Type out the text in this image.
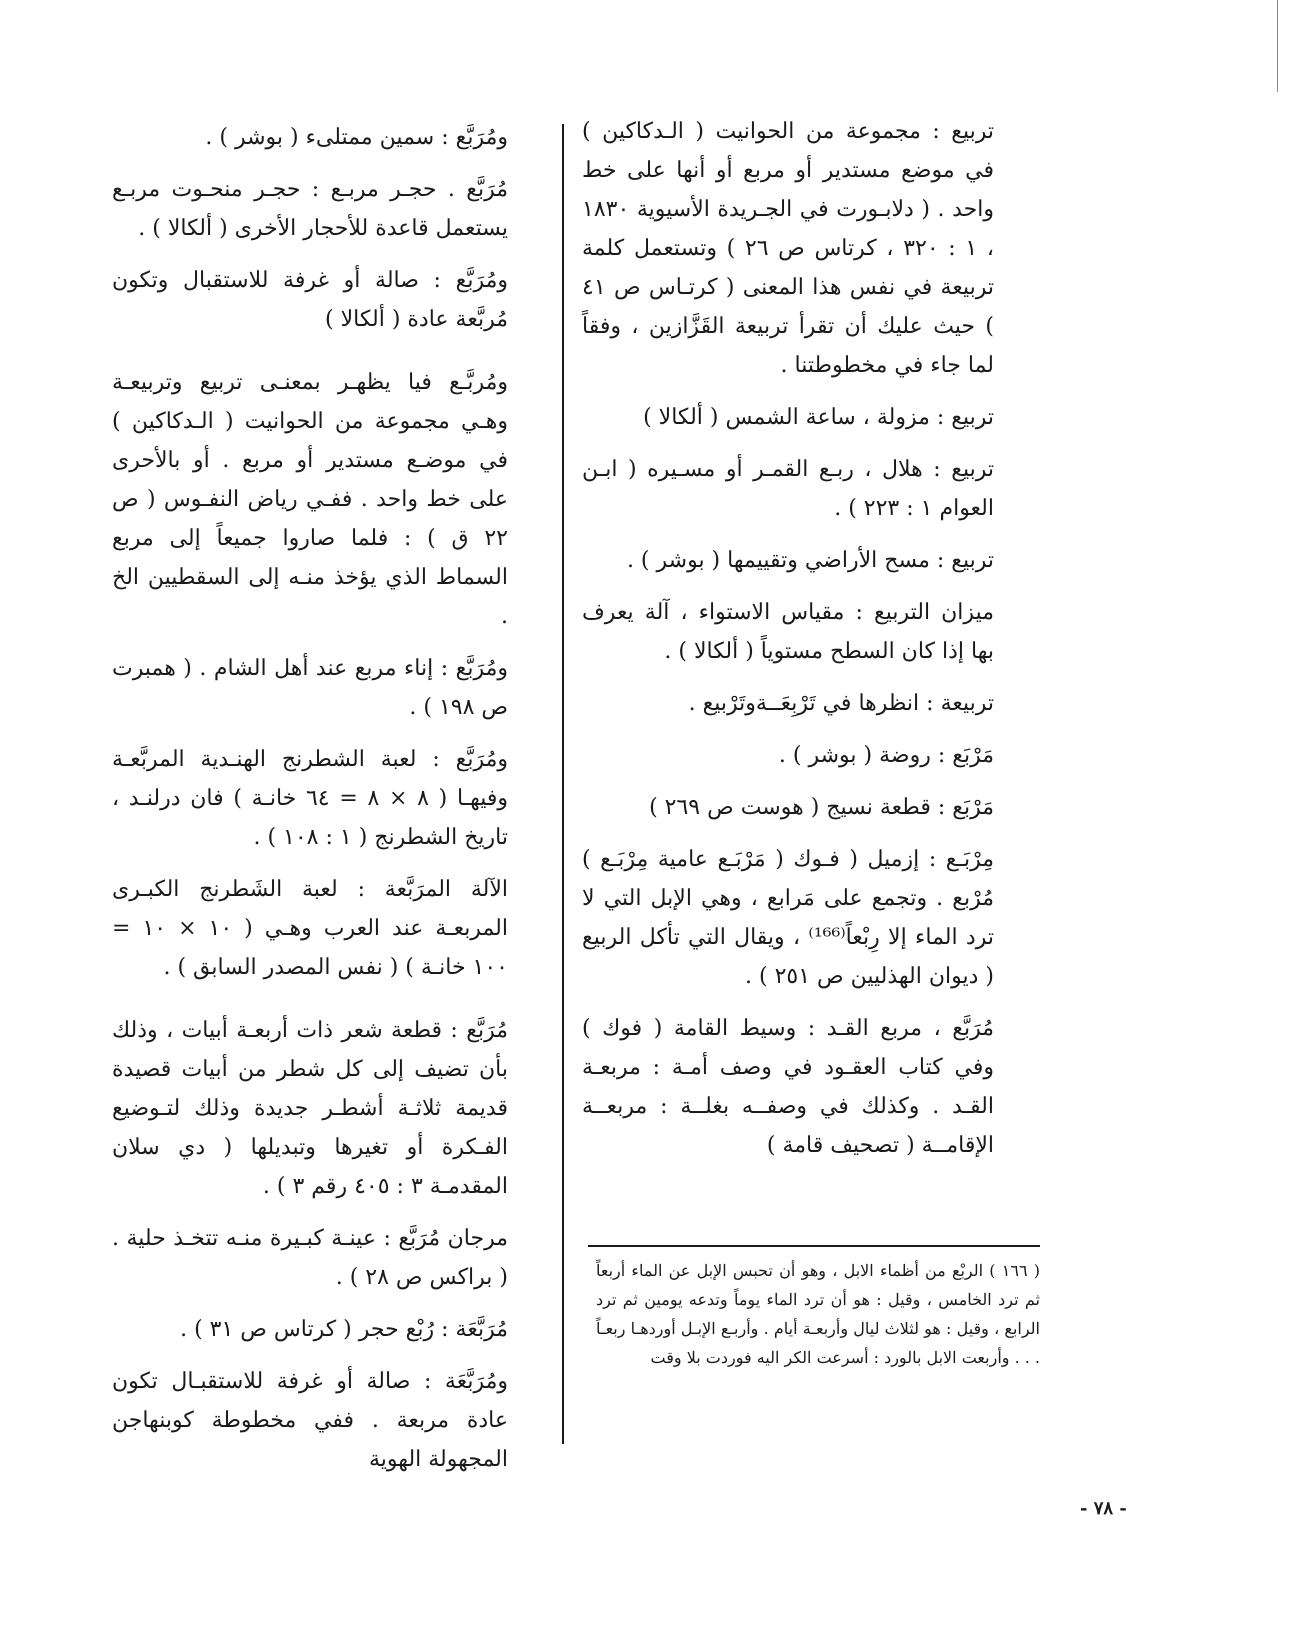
تربيع : مجموعة من الحوانيت ( الـدكاكين ) في موضع مستدير أو مربع أو أنها على خط واحد . ( دلابـورت في الجـريدة الأسيوية ١٨٣٠ ، ١ : ٣٢٠ ، كرتاس ص ٢٦ ) وتستعمل كلمة تربيعة في نفس هذا المعنى ( كرتـاس ص ٤١ ) حيث عليك أن تقرأ تربيعة القَزَّازين ، وفقاً لما جاء في مخطوطتنا .

تربيع : مزولة ، ساعة الشمس ( ألكالا )

تربيع : هلال ، ربـع القمـر أو مسـيره ( ابـن العوام ١ : ٢٢٣ ) .

تربيع : مسح الأراضي وتقييمها ( بوشر ) .

ميزان التربيع : مقياس الاستواء ، آلة يعرف بها إذا كان السطح مستوياً ( ألكالا ) .

تربيعة : انظرها في تَرْبِعَــةوتَرْبيع .

مَرْبَع : روضة ( بوشر ) .

مَرْبَع : قطعة نسيج ( هوست ص ٢٦٩ )

مِرْبَـع : إزميل ( فـوك ( مَرْبَـع عامية مِرْبَـع ) مُرْبع . وتجمع على مَرابع ، وهي الإبل التي لا ترد الماء إلا رِبْعاً⁽¹⁶⁶⁾ ، ويقال التي تأكل الربيع ( ديوان الهذليين ص ٢٥١ ) .

مُرَبَّع ، مربع القـد : وسيط القامة ( فوك ) وفي كتاب العقـود في وصف أمـة : مربعـة القـد . وكذلك في وصفــه بغلــة : مربعــة الإقامــة ( تصحيف قامة )

ومُرَبَّع : سمين ممتلىء ( بوشر ) .

مُرَبَّع . حجـر مربـع : حجـر منحـوت مربـع يستعمل قاعدة للأحجار الأخرى ( ألكالا ) .

ومُرَبَّع : صالة أو غرفة للاستقبال وتكون مُربَّعة عادة ( ألكالا )

ومُربَّـع فيا يظهـر بمعنـى تربيع وتربيعـة وهـي مجموعة من الحوانيت ( الـدكاكين ) في موضـع مستدير أو مربع . أو بالأحرى على خط واحد . ففـي رياض النفـوس ( ص ٢٢ ق ) : فلما صاروا جميعاً إلى مربع السماط الذي يؤخذ منـه إلى السقطيين الخ .

ومُرَبَّع : إناء مربع عند أهل الشام . ( همبرت ص ١٩٨ ) .

ومُرَبَّع : لعبة الشطرنج الهنـدية المربَّعـة وفيهـا ( ٨ × ٨ = ٦٤ خانـة ) فان درلنـد ، تاريخ الشطرنج ( ١ : ١٠٨ ) .

الآلة المرَبَّعة : لعبة الشَطرنج الكبـرى المربعـة عند العرب وهـي ( ١٠ × ١٠ = ١٠٠ خانـة ) ( نفس المصدر السابق ) .

مُرَبَّع : قطعة شعر ذات أربعـة أبيات ، وذلك بأن تضيف إلى كل شطر من أبيات قصيدة قديمة ثلاثـة أشطـر جديدة وذلك لتـوضيع الفـكرة أو تغيرها وتبديلها ( دي سلان المقدمـة ٣ : ٤٠٥ رقم ٣ ) .

مرجان مُرَبَّع : عينـة كبـيرة منـه تتخـذ حلية . ( براكس ص ٢٨ ) .

مُرَبَّعَة : رُبْع حجر ( كرتاس ص ٣١ ) .

ومُرَبَّعَة : صالة أو غرفة للاستقبـال تكون عادة مربعة . ففي مخطوطة كوبنهاجن المجهولة الهوية

( ١٦٦ ) الربْع من أظماء الابل ، وهو أن تحبس الإبل عن الماء أربعاً ثم ترد الخامس ، وقيل : هو أن ترد الماء يوماً وتدعه يومين ثم ترد الرابع ، وقيل : هو لثلاث ليال وأربعـة أيام . وأربـع الإبـل أوردهـا ربعـاً . . . وأربعت الابل بالورد : أسرعت الكر اليه فوردت بلا وقت
- ٧٨ -
